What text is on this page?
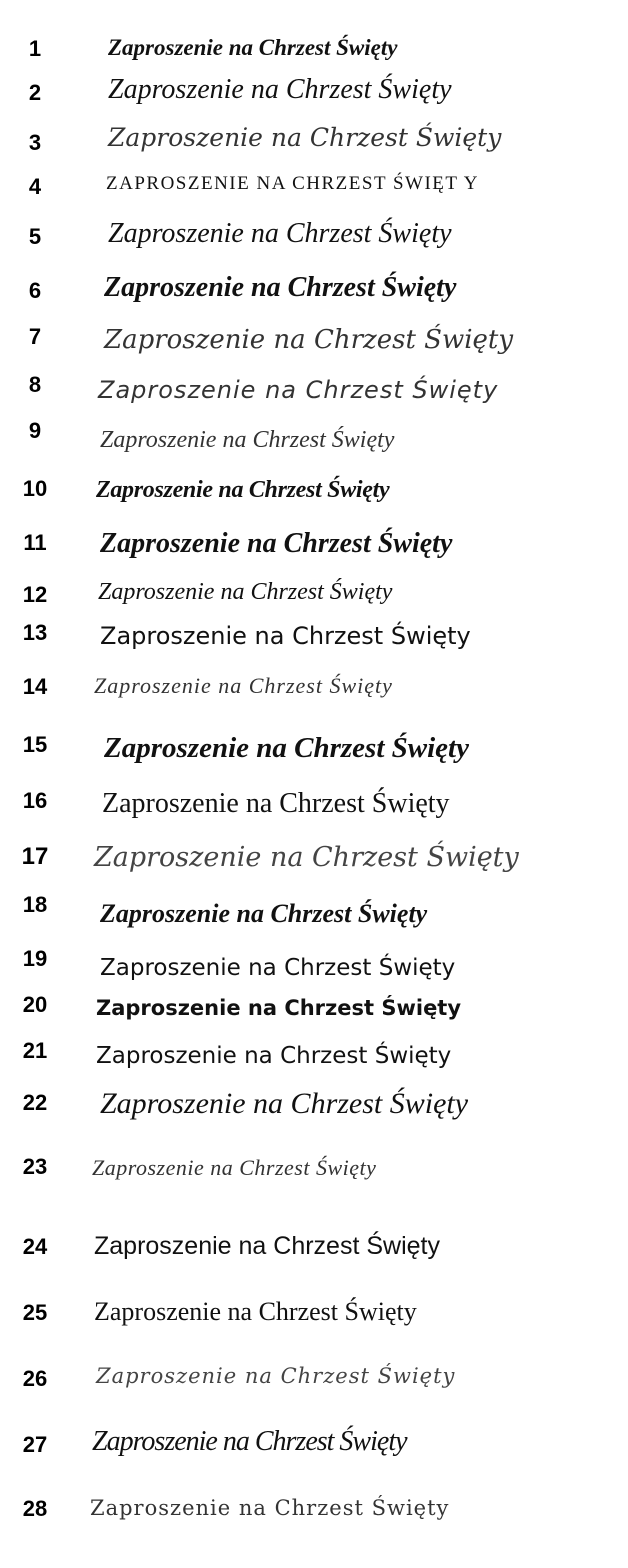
1	Zaproszenie na Chrzest Święty
2	Zaproszenie na Chrzest Święty
3	Zaproszenie na Chrzest Święty
4	ZAPROSZENIE NA CHRZEST ŚWIĘT Y
5	Zaproszenie na Chrzest Święty
6	Zaproszenie na Chrzest Święty
7	Zaproszenie na Chrzest Święty
8	Zaproszenie na Chrzest Święty
9	Zaproszenie na Chrzest Święty
10	Zaproszenie na Chrzest Święty
11	Zaproszenie na Chrzest Święty
12	Zaproszenie na Chrzest Święty
13	Zaproszenie na Chrzest Święty
14	Zaproszenie na Chrzest Święty
15	Zaproszenie na Chrzest Święty
16	Zaproszenie na Chrzest Święty
17	Zaproszenie na Chrzest Święty
18	Zaproszenie na Chrzest Święty
19	Zaproszenie na Chrzest Święty
20	Zaproszenie na Chrzest Święty
21	Zaproszenie na Chrzest Święty
22	Zaproszenie na Chrzest Święty
23	Zaproszenie na Chrzest Święty
24	Zaproszenie na Chrzest Święty
25	Zaproszenie na Chrzest Święty
26	Zaproszenie na Chrzest Święty
27	Zaproszenie na Chrzest Święty
28	Zaproszenie na Chrzest Święty
